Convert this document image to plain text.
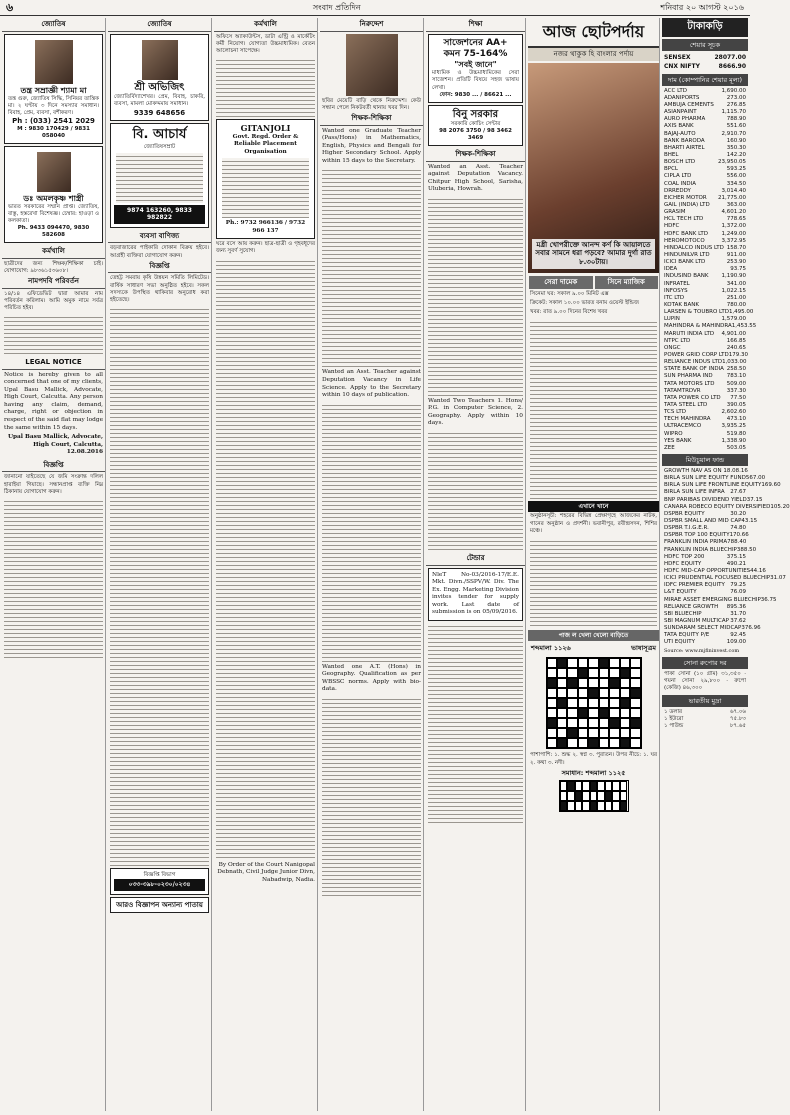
৬	সংবাদ প্রতিদিন	শনিবার ২০ আগস্ট ২০১৬
জ্যোতিষ
তন্ত্র সম্রাজ্ঞী শ্যামা মা
তন্ত্র গুরু, জ্যোতিষ সিদ্ধি, সিনিয়র তান্ত্রিক মা। ২ ঘণ্টায় ৩ দিনে সমস্যার সমাধান। বিবাহ, প্রেম, ব্যবসা, বশীকরণ।
Ph : (033) 2541 2029
M : 9830 170429 / 9831 058040
ডঃ অমলকৃষ্ণ শাস্ত্রী
ভারত সরকারের সম্মান প্রাপ্ত। জ্যোতিষ, বাস্তু, হস্তরেখা বিশেষজ্ঞ। চেম্বার: হাওড়া ও কলকাতা।
Ph. 9433 094470, 9830 582608
কর্মখালি
ছাত্রীদের জন্য শিক্ষক/শিক্ষিকা চাই। যোগাযোগ: ৯৮৩৬১৫৩৬০৮।
নামপদবি পরিবর্তন
১৪/১৪ এফিডেভিট দ্বারা আমার নাম পরিবর্তন করিলাম। আমি অমুক নামে সর্বত্র পরিচিত হইব।
LEGAL NOTICE
Notice is hereby given to all concerned that one of my clients, Upal Basu Mallick, Advocate, High Court, Calcutta. Any person having any claim, demand, charge, right or objection in respect of the said flat may lodge the same within 15 days.
Upal Basu Mallick, Advocate, High Court, Calcutta, 12.08.2016
বিজ্ঞপ্তি
জানানো যাইতেছে যে জমি সংক্রান্ত দলিল হারাইয়া গিয়াছে। সন্ধানপ্রাপ্ত ব্যক্তি নিম্ন ঠিকানায় যোগাযোগ করুন।
জ্যোতিষ
শ্রী অভিজিৎ
জ্যোতির্বিদ্যাশেখর। প্রেম, বিবাহ, চাকরি, ব্যবসা, মামলা মোকদ্দমায় সমাধান।
9339 648656
বি. আচার্য
জ্যোতিষসম্রাট
9874 163260, 9833 982822
ব্যবসা বাণিজ্য
বড়বাজারের পাইকারি দোকান বিক্রয় হইবে। আগ্রহী ব্যক্তিরা যোগাযোগ করুন।
বিজ্ঞপ্তি
তেহট্ট সমবায় কৃষি উন্নয়ন সমিতি লিমিটেড। বার্ষিক সাধারণ সভা অনুষ্ঠিত হইবে। সকল সদস্যকে উপস্থিত থাকিবার অনুরোধ করা হইতেছে।
বিজ্ঞপ্তি বিভাগ
০৩৩-৩৯৮-০২৩০/০২৩৪
আরও বিজ্ঞাপন অন্যান্য পাতায়
কর্মখালি
অফিসে অ্যাকাউন্টস, ডাটা এন্ট্রি ও মার্কেটিং কর্মী নিয়োগ। যোগ্যতা উচ্চমাধ্যমিক। বেতন আলোচনা সাপেক্ষে।
GITANJOLI
Govt. Regd. Order & Reliable Placement Organisation
Ph.: 9732 966136 / 9732 966 137
ঘরে বসে আয় করুন। ছাত্র-ছাত্রী ও গৃহবধূদের জন্য সুবর্ণ সুযোগ।
By Order of the Court Nanigopal Debnath, Civil Judge Junior Divn, Nabadwip, Nadia.
নিরুদ্দেশ
ছবির মেয়েটি বাড়ি থেকে নিরুদ্দেশ। কেউ সন্ধান পেলে নিকটবর্তী থানায় খবর দিন।
শিক্ষক-শিক্ষিকা
Wanted one Graduate Teacher (Pass/Hons) in Mathematics, English, Physics and Bengali for Higher Secondary School. Apply within 15 days to the Secretary.
Wanted an Asst. Teacher against Deputation Vacancy in Life Science. Apply to the Secretary within 10 days of publication.
Wanted one A.T. (Hons) in Geography. Qualification as per WBSSC norms. Apply with bio-data.
শিক্ষা
সাজেশনের AA+
কমন 75-164%
"সবই জানে"
মাধ্যমিক ও উচ্চমাধ্যমিকের সেরা সাজেশন। প্রতিটি বিষয়ে সহজ ভাষায় লেখা।
ফোন: 9830 ... / 86621 ...
বিনু সরকার
সরকারি কোচিং সেন্টার
98 2076 3750 / 98 3462 3469
শিক্ষক-শিক্ষিকা
Wanted an Asst. Teacher against Deputation Vacancy. Chitpur High School, Sarisha, Uluberia, Howrah.
Wanted Two Teachers 1. Hons/ P.G. in Computer Science, 2. Geography. Apply within 10 days.
টেন্ডার
NleT No-03/2016-17/E.E. Mkt. Divn./SSPV/W. Div. The Ex. Engg. Marketing Division invites tender for supply work. Last date of submission is on 05/09/2016.
আজ ছোটপর্দায়
নজর থাকুক হি বাংলার পর্দায়
মধ্রী খোপরীক্তে আনন্দ কর্ণ কি আয়ালতে সবার সামনে ধরা পড়বে? আমার দুর্গা রাত ৮.৩০টায়।
সেরা দামেক	সিনে ম্যাজিক
সিনেমা ঘর: সকাল ৯.০০ মিনিট এক্স
ক্রিকেট: সকাল ১০.০০ ভারত বনাম ওয়েস্ট ইন্ডিজ
খবর: রাত ৯.০০ দিনের বিশেষ খবর
এখানে খানে
অনুষ্ঠানসূচী: শহরের বিভিন্ন প্রেক্ষাগৃহে আজকের নাটক, গানের অনুষ্ঠান ও প্রদর্শনী। ভবানীপুর, রবীন্দ্রসদন, শিশির মঞ্চে।
পাজ ল খেলা খেলো বাড়িতে
শব্দমালা ১১২৬	ভাষাসূত্রম
পাশাপাশি: ১. শুদ্ধ ২. স্বপ্ন ৩. পুরাতন। উপর নীচে: ১. ঘর ২. কথা ৩. নদী।
সমাধান: শব্দমালা ১১২৫
টাকাকড়ি
শেয়ার সূচক
SENSEX	28077.00
CNX NIFTY	8666.90
দাম (কোম্পানির শেয়ার মূল্য)
ACC LTD	1,690.00
ADANIPORTS	273.00
AMBUJA CEMENTS 276.85
ASIANPAINT	1,115.70
AURO PHARMA	788.90
AXIS BANK	551.60
BAJAJ-AUTO	2,910.70
BANK BARODA	160.90
BHARTI AIRTEL	350.30
BHEL	142.20
BOSCH LTD	23,950.05
BPCL	593.25
CIPLA LTD	556.00
COAL INDIA	334.50
DRREDDY	3,014.40
EICHER MOTOR 21,775.00
GAIL (INDIA) LTD	363.00
GRASIM	4,601.20
HCL TECH LTD	778.65
HDFC	1,372.00
HDFC BANK LTD 1,249.00
HEROMOTOCO	3,372.95
HINDALCO INDUS LTD 158.70
HINDUNILVR LTD	911.00
ICICI BANK LTD	253.90
IDEA	93.75
INDUSIND BANK 1,190.90
INFRATEL	341.00
INFOSYS	1,022.15
ITC LTD	251.00
KOTAK BANK	780.00
LARSEN & TOUBRO LTD 1,495.00
LUPIN	1,579.00
MAHINDRA & MAHINDRA 1,453.55
MARUTI INDIA LTD 4,901.00
NTPC LTD	166.85
ONGC	240.65
POWER GRID CORP LTD 179.30
RELIANCE INDUS LTD 1,033.00
STATE BANK OF INDIA 258.50
SUN PHARMA IND	783.10
TATA MOTORS LTD 509.00
TATAMTRDVR	337.30
TATA POWER CO LTD 77.50
TATA STEEL LTD	390.05
TCS LTD	2,602.60
TECH MAHINDRA	473.10
ULTRACEMCO	3,935.25
WIPRO	519.80
YES BANK	1,338.90
ZEE	503.05
মিউচুয়াল ফান্ড
GROWTH NAV AS ON 18.08.16
BIRLA SUN LIFE EQUITY FUND 567.00
BIRLA SUN LIFE FRONTLINE EQUITY 169.60
BIRLA SUN LIFE INFRA 27.67
BNP PARIBAS DIVIDEND YIELD 37.15
CANARA ROBECO EQUITY DIVERSIFIED 105.20
DSPBR EQUITY	30.20
DSPBR SMALL AND MID CAP 43.15
DSPBR T.I.G.E.R.	74.80
DSPBR TOP 100 EQUITY 170.66
FRANKLIN INDIA PRIMA 788.40
FRANKLIN INDIA BLUECHIP 388.50
HDFC TOP 200	375.15
HDFC EQUITY	490.21
HDFC MID-CAP OPPORTUNITIES 44.16
ICICI PRUDENTIAL FOCUSED BLUECHIP 31.07
IDFC PREMIER EQUITY 79.25
L&T EQUITY	76.09
MIRAE ASSET EMERGING BLUECHIP 36.75
RELIANCE GROWTH 895.36
SBI BLUECHIP	31.70
SBI MAGNUM MULTICAP 37.62
SUNDARAM SELECT MIDCAP 376.96
TATA EQUITY P/E	92.45
UTI EQUITY	109.00
Source: www.mjfininvest.com
সোনা রুপোর দর
পাকা সোনা (১০ গ্রাম) ৩১,৩৫০ · গয়না সোনা ২৯,৮০০ · রুপো (কেজি) ৪৬,৩০০
ভারতীয় মুদ্রা
১ ডলার	৬৭.০৬
১ ইউরো	৭৫.৮৩
১ পাউন্ড	৮৭.৬৫
